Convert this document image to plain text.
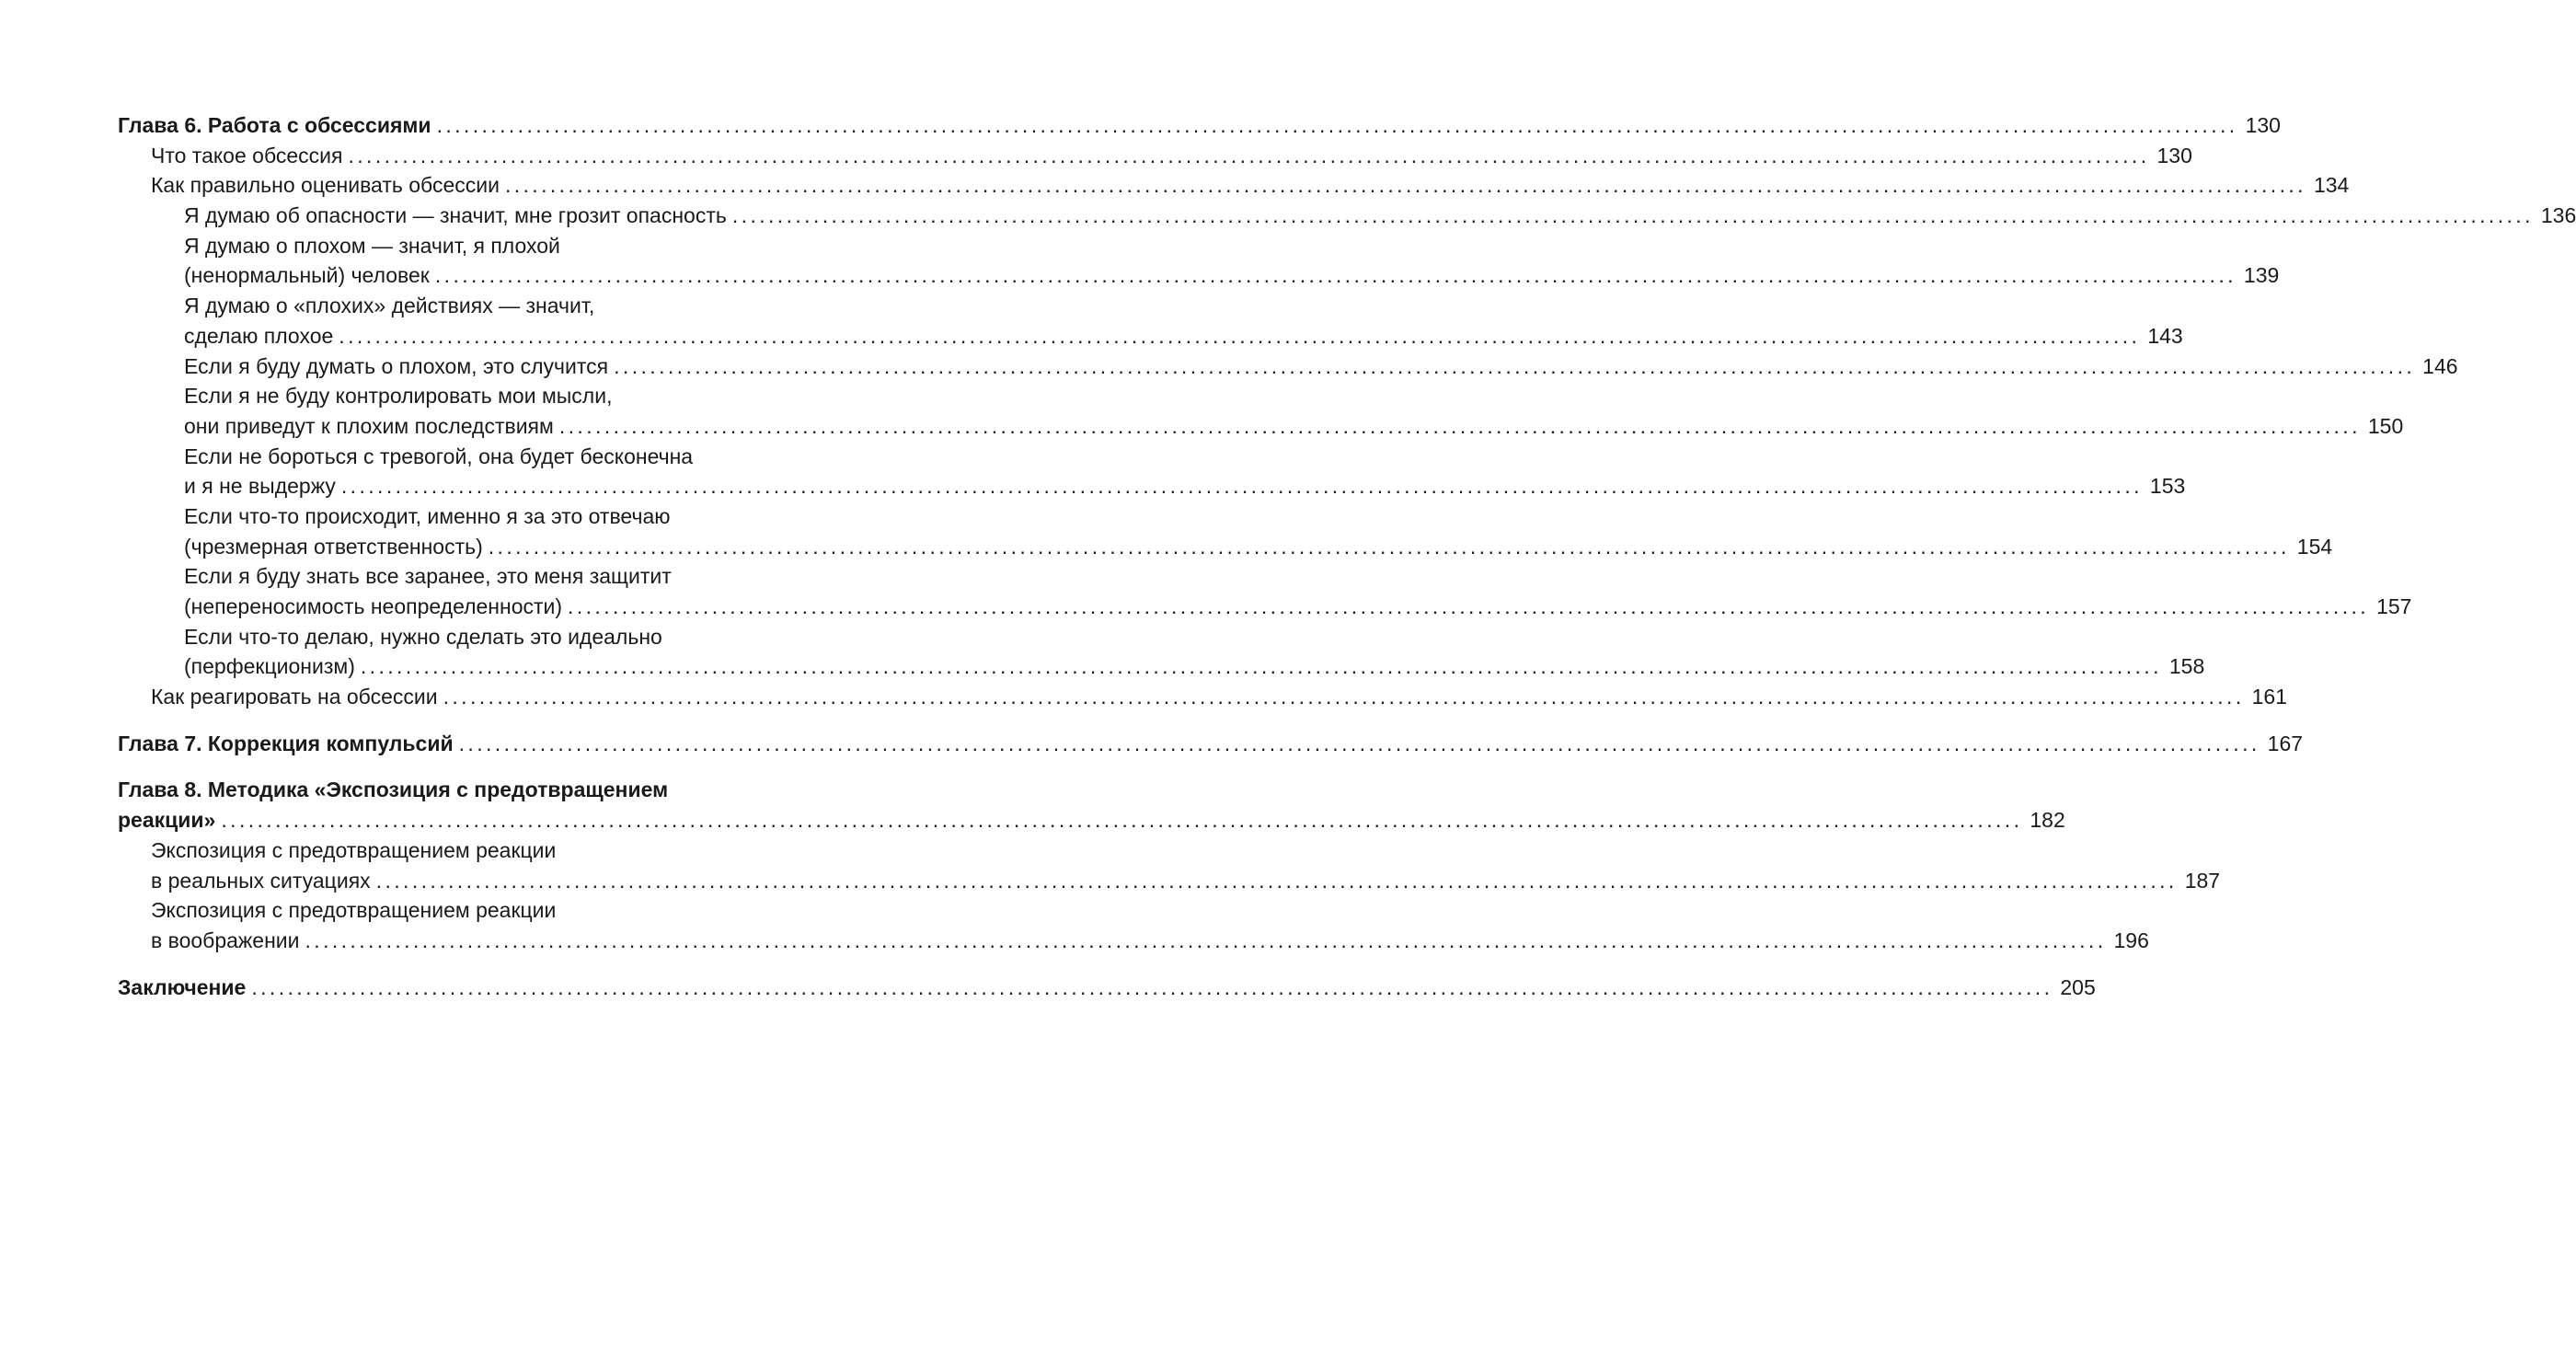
Глава 6. Работа с обсессиями ........................................................................................................................................................................................................ 130
Что такое обсессия ........................................................................................................................................................................................................ 130
Как правильно оценивать обсессии ........................................................................................................................................................................................................ 134
Я думаю об опасности — значит, мне грозит опасность ........................................................................................................................................................................................................ 136
Я думаю о плохом — значит, я плохой
(ненормальный) человек ........................................................................................................................................................................................................ 139
Я думаю о «плохих» действиях — значит,
сделаю плохое ........................................................................................................................................................................................................ 143
Если я буду думать о плохом, это случится ........................................................................................................................................................................................................ 146
Если я не буду контролировать мои мысли,
они приведут к плохим последствиям ........................................................................................................................................................................................................ 150
Если не бороться с тревогой, она будет бесконечна
и я не выдержу ........................................................................................................................................................................................................ 153
Если что-то происходит, именно я за это отвечаю
(чрезмерная ответственность) ........................................................................................................................................................................................................ 154
Если я буду знать все заранее, это меня защитит
(непереносимость неопределенности) ........................................................................................................................................................................................................ 157
Если что-то делаю, нужно сделать это идеально
(перфекционизм) ........................................................................................................................................................................................................ 158
Как реагировать на обсессии ........................................................................................................................................................................................................ 161
Глава 7. Коррекция компульсий ........................................................................................................................................................................................................ 167
Глава 8. Методика «Экспозиция с предотвращением
реакции» ........................................................................................................................................................................................................ 182
Экспозиция с предотвращением реакции
в реальных ситуациях ........................................................................................................................................................................................................ 187
Экспозиция с предотвращением реакции
в воображении ........................................................................................................................................................................................................ 196
Заключение ........................................................................................................................................................................................................ 205
